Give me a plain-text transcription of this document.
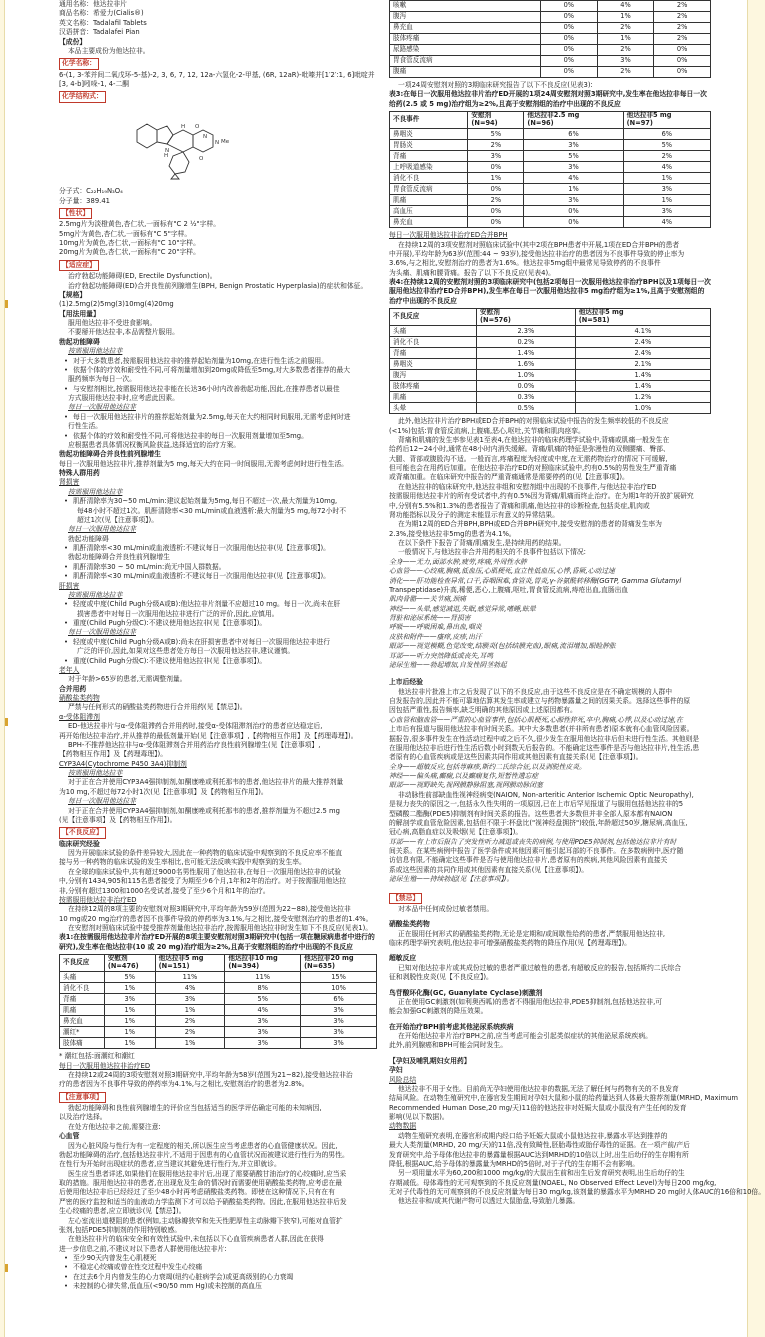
通用名称：他达拉非片
商品名称：希爱力(Cialis®)
英文名称：Tadalafil Tablets
汉语拼音：Tadalafei Pian
【成份】
本品主要成份为他达拉非。
化学名称：
6-(1, 3-苯并间二氧戊环-5-基)-2, 3, 6, 7, 12, 12a-六氢化-2-甲基, (6R, 12aR)-吡嗪并[1′2′:1, 6]吡啶并
[3, 4-b]吲哚-1, 4-二酮
化学结构式：
N
H
N Me
O
O
N
H
分子式：C₂₂H₁₉N₃O₄
分子量：389.41
【性状】
2.5mg片为淡橙黄色,杏仁状,一面标有"C 2 ½"字样。
5mg片为黄色,杏仁状,一面标有"C 5"字样。
10mg片为黄色,杏仁状,一面标有"C 10"字样。
20mg片为黄色,杏仁状,一面标有"C 20"字样。
【适应症】
治疗勃起功能障碍(ED, Erectile Dysfunction)。
治疗勃起功能障碍(ED)合并良性前列腺增生(BPH, Benign Prostatic Hyperplasia)的症状和体征。
【规格】
(1)2.5mg(2)5mg(3)10mg(4)20mg
【用法用量】
服用他达拉非不受进食影响。
不要掰开他达拉非,本品需整片服用。
勃起功能障碍
按需服用他达拉非
• 对于大多数患者,按需服用他达拉非的推荐起始剂量为10mg,在进行性生活之前服用。
• 依据个体的疗效和耐受性不同,可将剂量增加到20mg或降低至5mg,对大多数患者推荐的最大
服药频率为每日一次。
• 与安慰剂相比,按需服用他达拉非能在长达36小时内改善勃起功能,因此,在推荐患者以最佳
方式服用他达拉非时,应考虑此因素。
每日一次服用他达拉非
• 每日一次服用他达拉非片的推荐起始剂量为2.5mg,每天在大约相同时间服用,无需考虑何时进
行性生活。
• 依据个体的疗效和耐受性不同,可将他达拉非的每日一次服用剂量增加至5mg。
应根据患者具体情况权衡风险获益,选择适宜的治疗方案。
勃起功能障碍合并良性前列腺增生
每日一次服用他达拉非片,推荐剂量为5 mg,每天大约在同一时间服用,无需考虑何时进行性生活。
特殊人群用药
肾损害
按需服用他达拉非
• 肌酐清除率为30~50 mL/min:建议起始剂量为5mg,每日不超过一次,最大剂量为10mg,
每48小时不超过1次。肌酐清除率<30 mL/min或血液透析:最大剂量为5 mg,每72小时不
超过1次(见【注意事项】)。
每日一次服用他达拉非
勃起功能障碍
• 肌酐清除率<30 mL/min或血液透析:不建议每日一次服用他达拉非(见【注意事项】)。
勃起功能障碍合并良性前列腺增生
• 肌酐清除率30 ~ 50 mL/min:尚无中国人群数据。
• 肌酐清除率<30 mL/min或血液透析:不建议每日一次服用他达拉非(见【注意事项】)。
肝损害
按需服用他达拉非
• 轻度或中度(Child Pugh分级A或B):他达拉非片剂量不应超过10 mg。每日一次,尚未在肝
损害患者中对每日一次服用他达拉非进行广泛的评价,因此,应慎用。
• 重度(Child Pugh分级C):不建议使用他达拉非(见【注意事项】)。
每日一次服用他达拉非
• 轻度或中度(Child Pugh分级A或B):尚未在肝损害患者中对每日一次服用他达拉非进行
广泛的评价,因此,如果对这些患者处方每日一次服用他达拉非,建议谨慎。
• 重度(Child Pugh分级C):不建议使用他达拉非(见【注意事项】)。
老年人
对于年龄>65岁的患者,无需调整剂量。
合并用药
硝酸盐类药物
严禁与任何形式的硝酸盐类药物进行合并用药(见【禁忌】)。
α-受体阻滞剂
ED-他达拉非片与α-受体阻滞药合并用药时,接受α-受体阻滞剂治疗的患者应达稳定后,
再开始他达拉非治疗,并从推荐的最低剂量开始(见【注意事项】,【药物相互作用】及【药理毒理】)。
BPH-不推荐他达拉非与α-受体阻滞剂合并用药治疗良性前列腺增生(见【注意事项】,
【药物相互作用】及【药理毒理】)。
CYP3A4(Cytochrome P450 3A4)抑制剂
按需服用他达拉非
对于正在合并使用CYP3A4强抑制剂,如酮康唑或利托那韦的患者,他达拉非片的最大推荐剂量
为10 mg,不超过每72小时1次(见【注意事项】及【药物相互作用】)。
每日一次服用他达拉非
对于正在合并使用CYP3A4强抑制剂,如酮康唑或利托那韦的患者,推荐剂量为不超过2.5 mg
(见【注意事项】及【药物相互作用】)。
【不良反应】
临床研究经验
因为开展临床试验的条件差异较大,因此在一种药物的临床试验中观察到的不良反应率不能直
接与另一种药物的临床试验的发生率相比,也可能无法反映实践中观察到的发生率。
在全球的临床试验中,共有超过9000名男性服用了他达拉非,在每日一次服用他达拉非的试验
中,分别有1434,905和115名患者接受了为期至少6个月,1年和2年的治疗。对于按需服用他达拉
非,分别有超过1300和1000名受试者,接受了至少6个月和1年的治疗。
按需服用他达拉非治疗ED
在持续12周的8项主要的安慰剂对照3期研究中,平均年龄为59岁(范围为22~88),接受他达拉非
10 mg或20 mg治疗的患者因不良事件导致的停药率为3.1%,与之相比,接受安慰剂治疗的患者的1.4%。
在安慰剂对照临床试验中接受推荐剂量他达拉非治疗,按需服用他达拉非时发生如下不良反应(见表1)。
表1:在按需服用他达拉非片治疗ED开展的8项主要安慰剂对照3期研究中(包括一项在糖尿病患者中进行的研究),发生率在他达拉非(10 或 20 mg)治疗组为≥2%,且高于安慰剂组的治疗中出现的不良反应
不良反应	安慰剂
(N=476)	他达拉非5 mg
(N=151)	他达拉非10 mg
(N=394)	他达拉非20 mg
(N=635)
头痛	5%	11%	11%	15%
消化不良	1%	4%	8%	10%
背痛	3%	3%	5%	6%
肌痛	1%	1%	4%	3%
鼻充血	1%	2%	3%	3%
潮红*	1%	2%	3%	3%
肢体痛	1%	1%	3%	3%
* 潮红包括:面潮红和潮红
每日一次服用他达拉非治疗ED
在持续12或24周的3项安慰剂对照3期研究中,平均年龄为58岁(范围为21~82),接受他达拉非治
疗的患者因为不良事件导致的停药率为4.1%,与之相比,安慰剂治疗的患者为2.8%。
【注意事项】
勃起功能障碍和良性前列腺增生的评价应当包括适当的医学评估确定可能的未知病因,
以及治疗选择。
在处方他达拉非之前,需要注意:
心血管
因为心脏风险与性行为有一定程度的相关,所以医生应当考虑患者的心血管健康状况。因此,
勃起功能障碍的治疗,包括他达拉非片,不适用于因患有的心血管状况而被建议进行性行为的男性。
在性行为开始时出现症状的患者,应当建议其避免进行性行为,并立即就诊。
医生应当患者详述,如果他们在服用他达拉非片后,出现了需要硝酸甘油治疗的心绞痛时,应当采
取的措施。服用他达拉非的患者,在出现危及生命的情况时而需要使用硝酸盐类药物,应考虑在最
后使用他达拉非后已经经过了至少48小时再考虑硝酸盐类药物。即使在这种情况下,只有在有
严密的医疗监控和适当的血液动力学监测下才可以给予硝酸盐类药物。因此,在服用他达拉非后发
生心绞痛的患者,应立即就诊(见【禁忌】)。
左心室流出道梗阻的患者(例如,主动脉瓣狭窄和先天性肥厚性主动脉瓣下狭窄),可能对血管扩
张剂,包括PDE5抑制剂的作用特别敏感。
在他达拉非片的临床安全和有效性试验中,未包括以下心血管疾病患者人群,因此在获得
进一步信息之前,不建议对以下患者人群使用他达拉非片:
• 至少90天内曾发生心肌梗死
• 不稳定心绞痛或曾在性交过程中发生心绞痛
• 在过去6个月内曾发生的心力衰竭(纽约心脏病学会)或更高级别的心力衰竭
• 未控制的心律失常,低血压(<90/50 mm Hg)或未控制的高血压
咳嗽	0%	4%	2%
腹泻	0%	1%	2%
鼻充血	0%	2%	2%
肢体疼痛	0%	1%	2%
尿路感染	0%	2%	0%
胃食管反流病	0%	3%	0%
腹痛	0%	2%	0%
一项24周安慰剂对照的3期临床研究报告了以下不良反应(见表3):
表3:在每日一次服用他达拉非片治疗ED开展的1项24周安慰剂对照3期研究中,发生率在他达拉非每日一次给药(2.5 或 5 mg)治疗组为≥2%,且高于安慰剂组的治疗中出现的不良反应
不良事件	安慰剂
(N=94)	他达拉非2.5 mg
(N=96)	他达拉非5 mg
(N=97)
鼻咽炎	5%	6%	6%
胃肠炎	2%	3%	5%
背痛	3%	5%	2%
上呼吸道感染	0%	3%	4%
消化不良	1%	4%	1%
胃食管反流病	0%	1%	3%
肌痛	2%	3%	1%
高血压	0%	0%	3%
鼻充血	0%	0%	4%
每日一次服用他达拉非治疗ED合并BPH
在持续12周的3项安慰剂对照临床试验中(其中2项在BPH患者中开展,1项在ED合并BPH的患者
中开展),平均年龄为63岁(范围:44 ~ 93岁),接受他达拉非治疗的患者因为不良事件导致的停止率为
3.6%,与之相比,安慰剂治疗的患者为1.6%。他达拉非5mg组中最常见导致停药的不良事件
为头痛、肌痛和腰背痛。报告了以下不良反应(见表4)。
表4:在持续12周的安慰剂对照的3项临床研究中(包括2项每日一次服用他达拉非治疗BPH以及1项每日一次服用他达拉非治疗ED合并BPH),发生率在每日一次服用他达拉非5 mg治疗组为≥1%,且高于安慰剂组的治疗中出现的不良反应
不良反应	安慰剂
(N=576)	他达拉非5 mg
(N=581)
头痛	2.3%	4.1%
消化不良	0.2%	2.4%
背痛	1.4%	2.4%
鼻咽炎	1.6%	2.1%
腹泻	1.0%	1.4%
肢体疼痛	0.0%	1.4%
肌痛	0.3%	1.2%
头晕	0.5%	1.0%
此外,他达拉非片治疗BPH或ED合并BPH的对照临床试验中报告的发生频率较低的不良反应
(<1%)包括:胃食管反流病,上腹痛,恶心,呕吐,关节痛和肌肉痉挛。
背痛和肌痛的发生率参见表1至表4,在他达拉非的临床药理学试验中,背痛或肌痛一般发生在
给药后12~24小时,通常在48小时内消失缓解。背痛/肌痛的特征是弥漫性的双侧腰痛、臀部、
大腿、背部或腹股沟不适。一般而言,疼痛程度为轻度或中度,在无需药物治疗的情况下可缓解,
但可能也会在用药后加重。在他达拉非治疗ED的对照临床试验中,约有0.5%的男性发生严重背痛
或背痛加重。在临床研究中报告的严重背痛通常是需要停药的(见【注意事项】)。
在他达拉非的临床研究中,他达拉非组和安慰剂组中出现的不良事件,与他达拉非治疗ED
按需服用他达拉非片的所有受试者中,约有0.5%因为背痛/肌痛而终止治疗。在为期1年的开放扩展研究
中,分别有5.5%和1.3%的患者报告了背痛和肌痛,他达拉非的诊断检查,包括炎症,肌肉或
肾功能指标以及分子的测定未能显示有意义的异常结果。
在为期12周的ED合并BPH,BPH或ED合并BPH研究中,接受安慰剂的患者的背痛发生率为
2.3%,接受他达拉非5mg的患者为4.1%。
在以下条件下报告了背痛/肌痛发生,是持续用药的结果。
一般情况下,与他达拉非合并用药相关的不良事件包括以下情况:
全身——无力,面部水肿,疲劳,疼痛,外周性水肿
心血管——心绞痛,胸痛,低血压,心肌梗死,直立性低血压,心悸,昏厥,心动过速
消化——肝功能检查异常,口干,吞咽困难,食管炎,胃炎,γ-谷氨酰转移酶(GGTP, Gamma Glutamyl
Transpeptidase)升高,稀便,恶心,上腹痛,呕吐,胃食管反流病,痔疮出血,直肠出血
肌肉骨骼——关节痛,颈痛
神经——头晕,感觉减退,失眠,感觉异常,嗜睡,眩晕
肾脏和泌尿系统——肾损害
呼吸——呼吸困难,鼻出血,咽炎
皮肤和附件——瘙痒,皮疹,出汗
眼部——视觉模糊,色觉改变,结膜炎(包括结膜充血),眼痛,流泪增加,眼睑肿胀
耳部——听力突然降低或丧失,耳鸣
泌尿生殖——勃起增加,自发性阴茎勃起
上市后经验
他达拉非片批准上市之后发现了以下的不良反应,由于这些不良反应是在不确定规模的人群中
自发报告的,因此并不能可靠地估算其发生率或建立与药物暴露量之间的因果关系。选择这些事件的原
因包括严重性,报告频率,缺乏明确的其他原因或上述原因都有。
心血管和脑血管——严重的心血管事件,包括心肌梗死,心源性猝死,卒中,胸痛,心悸,以及心动过速,在
上市后有报道与服用他达拉非有时间关系。其中大多数患者(并非所有患者)原本就有心血管风险因素。
据报告,很多事件发生在性活动过程中或之后不久,很少发生在服用他达拉非后但未进行性生活。其他则是
在服用他达拉非后进行性生活后数小时到数天后报告的。不能确定这些事件是否与他达拉非片,性生活,患
者原有的心血管疾病或是这些因素共同作用或其他因素有直接关系(见【注意事项】)。
全身——超敏反应,包括荨麻疹,斯约二氏综合征,以及剥脱性皮炎。
神经——偏头痛,癫痫,以及癫痫复作,短暂性遗忘症
眼部——视野缺失,视网膜静脉阻塞,视网膜动脉闭塞
非动脉性前部缺血性视神经病变(NAION, Non-arteritic Anterior Ischemic Optic Neuropathy),
是视力丧失的原因之一,包括永久性失明的一项原因,已在上市后罕见报道了与服用包括他达拉非的5
型磷酸二酯酶(PDE5)抑制剂有时间关系的报告。这些患者大多数但并非全部人原本都有NAION
的解剖学或血管危险因素,包括但不限于:杯盘比("视神经盘拥挤")较低,年龄超过50岁,糖尿病,高血压,
冠心病,高脂血症以及吸烟(见【注意事项】)。
耳部——有上市后报告了突发性听力减退或丧失的病例,与使用PDE5抑制剂,包括他达拉非片有时
间关系。在某些病例中报告了医学条件或其他因素可能引起耳部的不良事件。在多数病例中,医疗随
访信息有限,不能确定这些事件是否与使用他达拉非片,患者原有的疾病,其他风险因素有直接关
系或这些因素的共同作用或其他因素有直接关系(见【注意事项】)。
泌尿生殖——持续勃起(见【注意事项】)。
【禁忌】
对本品中任何成份过敏者禁用。
硝酸盐类药物
正在服用任何形式的硝酸盐类药物,无论是定期和/或间歇性给药的患者,严禁服用他达拉非,
临床药理学研究表明,他达拉非可增强硝酸盐类药物的降压作用(见【药理毒理】)。
超敏反应
已知对他达拉非片或其成份过敏的患者严重过敏性的患者,有超敏反应的报告,包括斯约二氏综合
征和剥脱性皮炎(见【不良反应】)。
鸟苷酸环化酶(GC, Guanylate Cyclase)刺激剂
正在使用GC刺激剂(如利奥西呱)的患者不得服用他达拉非,PDE5抑制剂,包括他达拉非,可
能会加强GC刺激剂的降压效果。
在开始治疗BPH前考虑其他泌尿系统疾病
在开始他达拉非片治疗BPH之前,应当考虑可能会引起类似症状的其他泌尿系统疾病。
此外,前列腺癌和BPH可能会同时发生。
【孕妇及哺乳期妇女用药】
孕妇
风险总结
他达拉非不用于女性。目前尚无孕妇使用他达拉非的数据,无法了解任何与药物有关的不良发育
结局风险。在动物生殖研究中,在器官发生期间对孕妇大鼠和小鼠的给药量达到人体最大推荐剂量(MRHD, Maximum
Recommended Human Dose,20 mg/天)11倍的他达拉非对妊娠大鼠或小鼠没有产生任何的发育
影响(见以下数据)。
动物数据
动物生殖研究表明,在器官形成期内经口给予妊娠大鼠或小鼠他达拉非,暴露水平达到推荐的
最大人类剂量(MRHD, 20 mg/天)的11倍,没有致畸性,胚胎毒性或胎仔毒性的证据。在一项产前/产后
发育研究中,给予母体他达拉非的暴露量根据AUC达到MRHD的10倍以上时,出生后幼仔的生存期有所
降低,根据AUC,给予母体的暴露量为MRHD的5倍时,对于子代的生存期不会有影响。
另一项用量水平为60,200和1000 mg/kg/的大鼠出生前和出生后发育研究表明,出生后幼仔的生
存期减低。母体毒性的无可观察到的不良反应剂量(NOAEL, No Observed Effect Level)为每日200 mg/kg,
无对子代毒性的无可观察到的不良反应剂量为每日30 mg/kg,该剂量的暴露水平为MRHD 20 mg时人体AUC的16倍和10倍。
他达拉非和/或其代谢产物可以透过大鼠胎盘,导致胎儿暴露。
